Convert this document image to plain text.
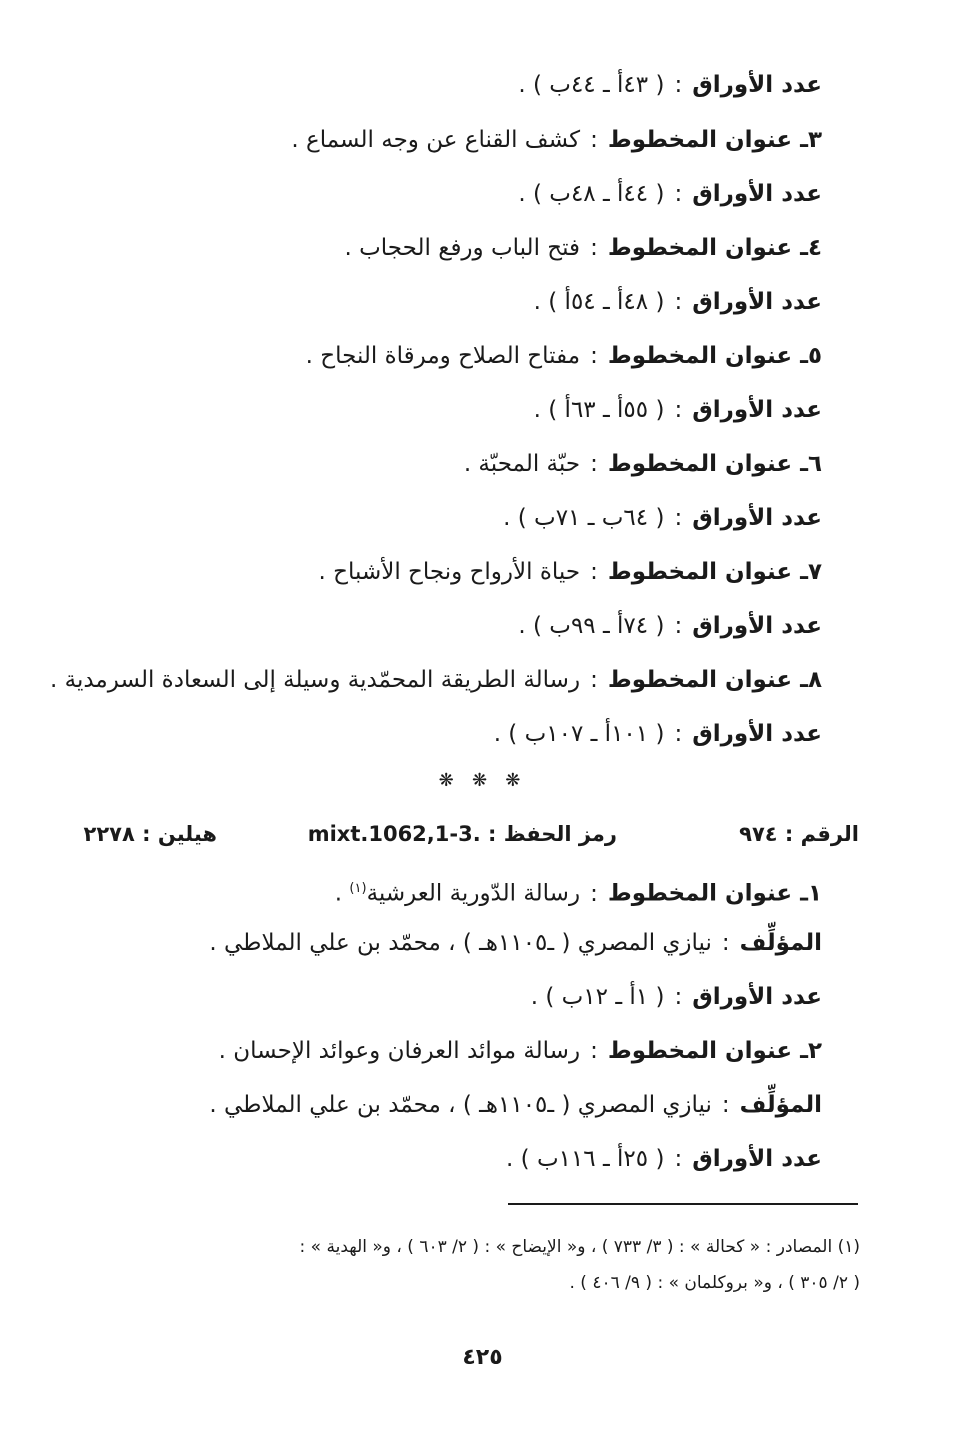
عدد الأوراق:( ٤٣أ ـ ٤٤ب ) .
٣ـ عنوان المخطوط:كشف القناع عن وجه السماع .
عدد الأوراق:( ٤٤أ ـ ٤٨ب ) .
٤ـ عنوان المخطوط:فتح الباب ورفع الحجاب .
عدد الأوراق:( ٤٨أ ـ ٥٤أ ) .
٥ـ عنوان المخطوط:مفتاح الصلاح ومرقاة النجاح .
عدد الأوراق:( ٥٥أ ـ ٦٣أ ) .
٦ـ عنوان المخطوط:حبّة المحبّة .
عدد الأوراق:( ٦٤ب ـ ٧١ب ) .
٧ـ عنوان المخطوط:حياة الأرواح ونجاح الأشباح .
عدد الأوراق:( ٧٤أ ـ ٩٩ب ) .
٨ـ عنوان المخطوط:رسالة الطريقة المحمّدية وسيلة إلى السعادة السرمدية .
عدد الأوراق:( ١٠١أ ـ ١٠٧ب ) .
❋ ❋ ❋
الرقم : ٩٧٤
رمز الحفظ : mixt.1062,1-3.
هيلين : ٢٢٧٨
١ـ عنوان المخطوط:رسالة الدّورية العرشية$^{(١)}$ .
المؤلِّف:نيازي المصري ( ـ١١٠٥هـ ) ، محمّد بن علي الملاطي .
عدد الأوراق:( ١أ ـ ١٢ب ) .
٢ـ عنوان المخطوط:رسالة موائد العرفان وعوائد الإحسان .
المؤلِّف:نيازي المصري ( ـ١١٠٥هـ ) ، محمّد بن علي الملاطي .
عدد الأوراق:( ٢٥أ ـ ١١٦ب ) .
(١) المصادر : « كحالة » : ( ٣/ ٧٣٣ ) ، و« الإيضاح » : ( ٢/ ٦٠٣ ) ، و« الهدية » :
( ٢/ ٣٠٥ ) ، و« بروكلمان » : ( ٩/ ٤٠٦ ) .
٤٢٥
